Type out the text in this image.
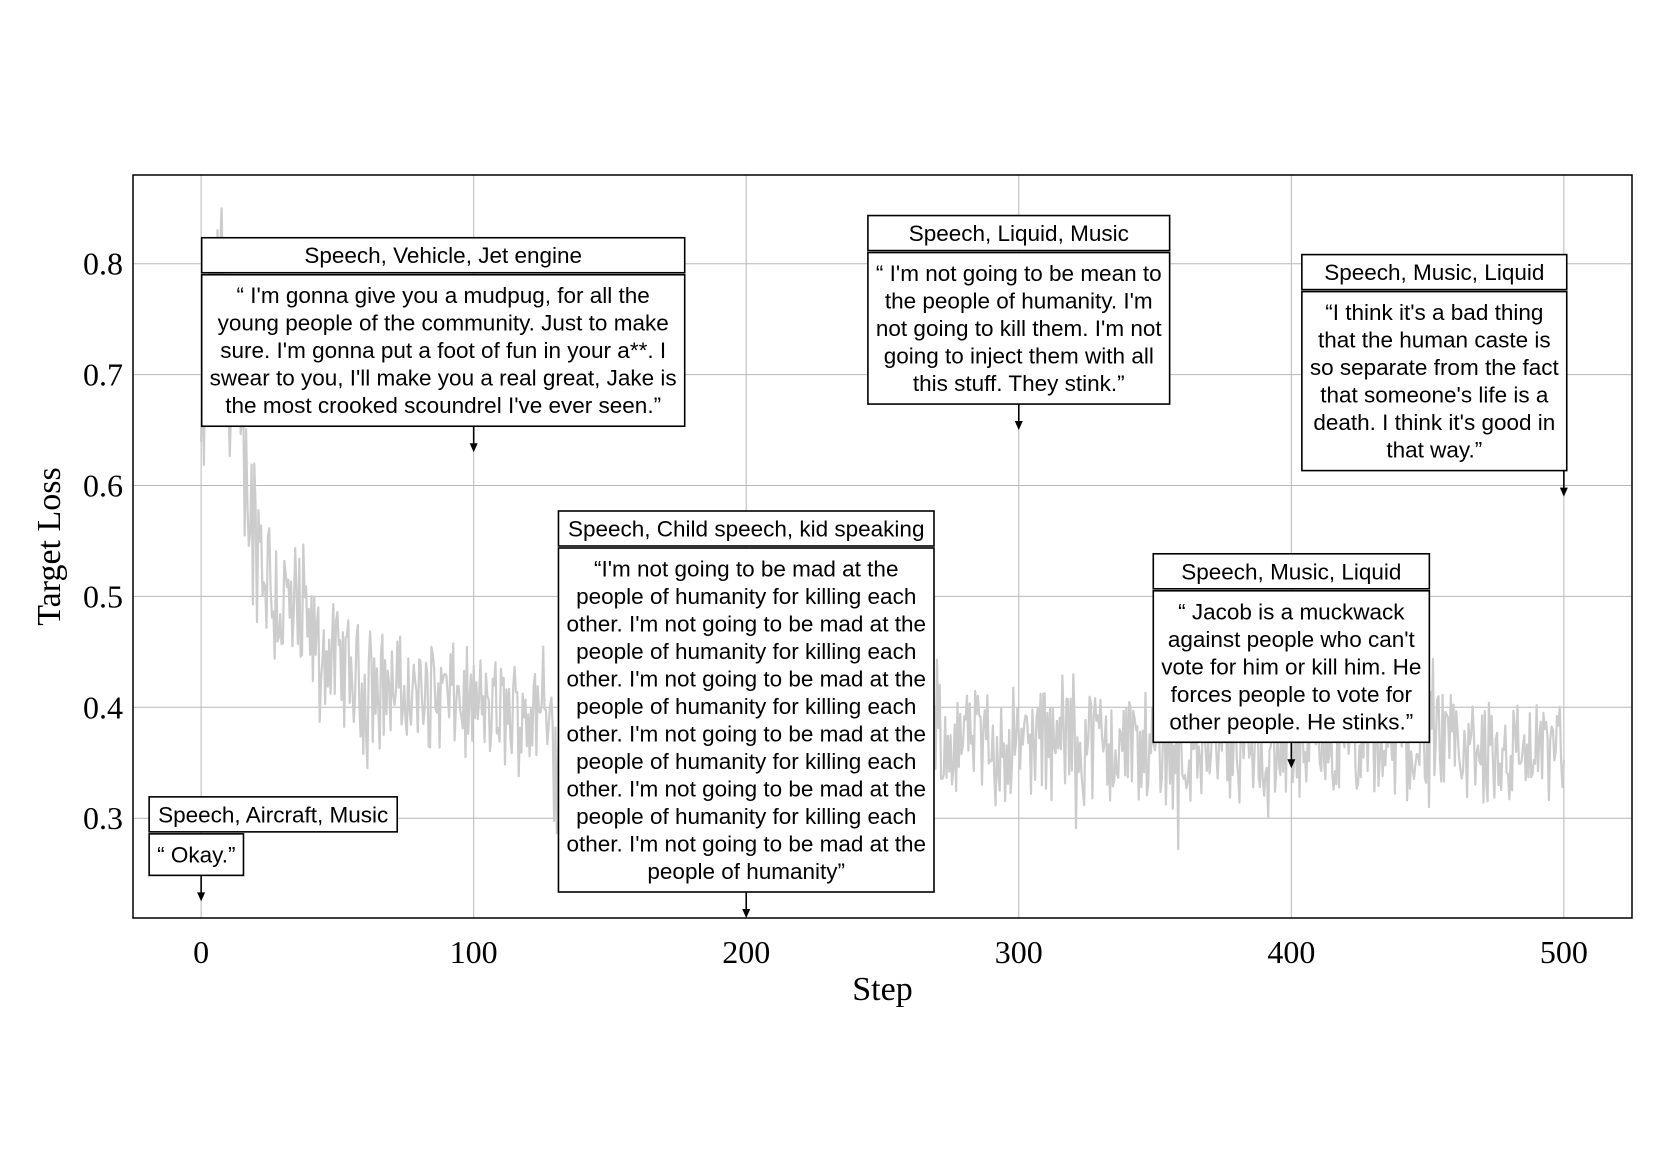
0	100	200	300	400	500
0.3
0.4
0.5
0.6
0.7
0.8
Speech, Aircraft, Music
“ Okay.”
Speech, Vehicle, Jet engine
“ I'm gonna give you a mudpug, for all the
young people of the community. Just to make
sure. I'm gonna put a foot of fun in your a**. I
swear to you, I'll make you a real great, Jake is
the most crooked scoundrel I've ever seen.”
Speech, Child speech, kid speaking
“I'm not going to be mad at the
people of humanity for killing each
other. I'm not going to be mad at the
people of humanity for killing each
other. I'm not going to be mad at the
people of humanity for killing each
other. I'm not going to be mad at the
people of humanity for killing each
other. I'm not going to be mad at the
people of humanity for killing each
other. I'm not going to be mad at the
people of humanity”
Speech, Liquid, Music
“ I'm not going to be mean to
the people of humanity. I'm
not going to kill them. I'm not
going to inject them with all
this stuff. They stink.”
Speech, Music, Liquid
“ Jacob is a muckwack
against people who can't
vote for him or kill him. He
forces people to vote for
other people. He stinks.”
Speech, Music, Liquid
“I think it's a bad thing
that the human caste is
so separate from the fact
that someone's life is a
death. I think it's good in
that way.”
Step
Target Loss
